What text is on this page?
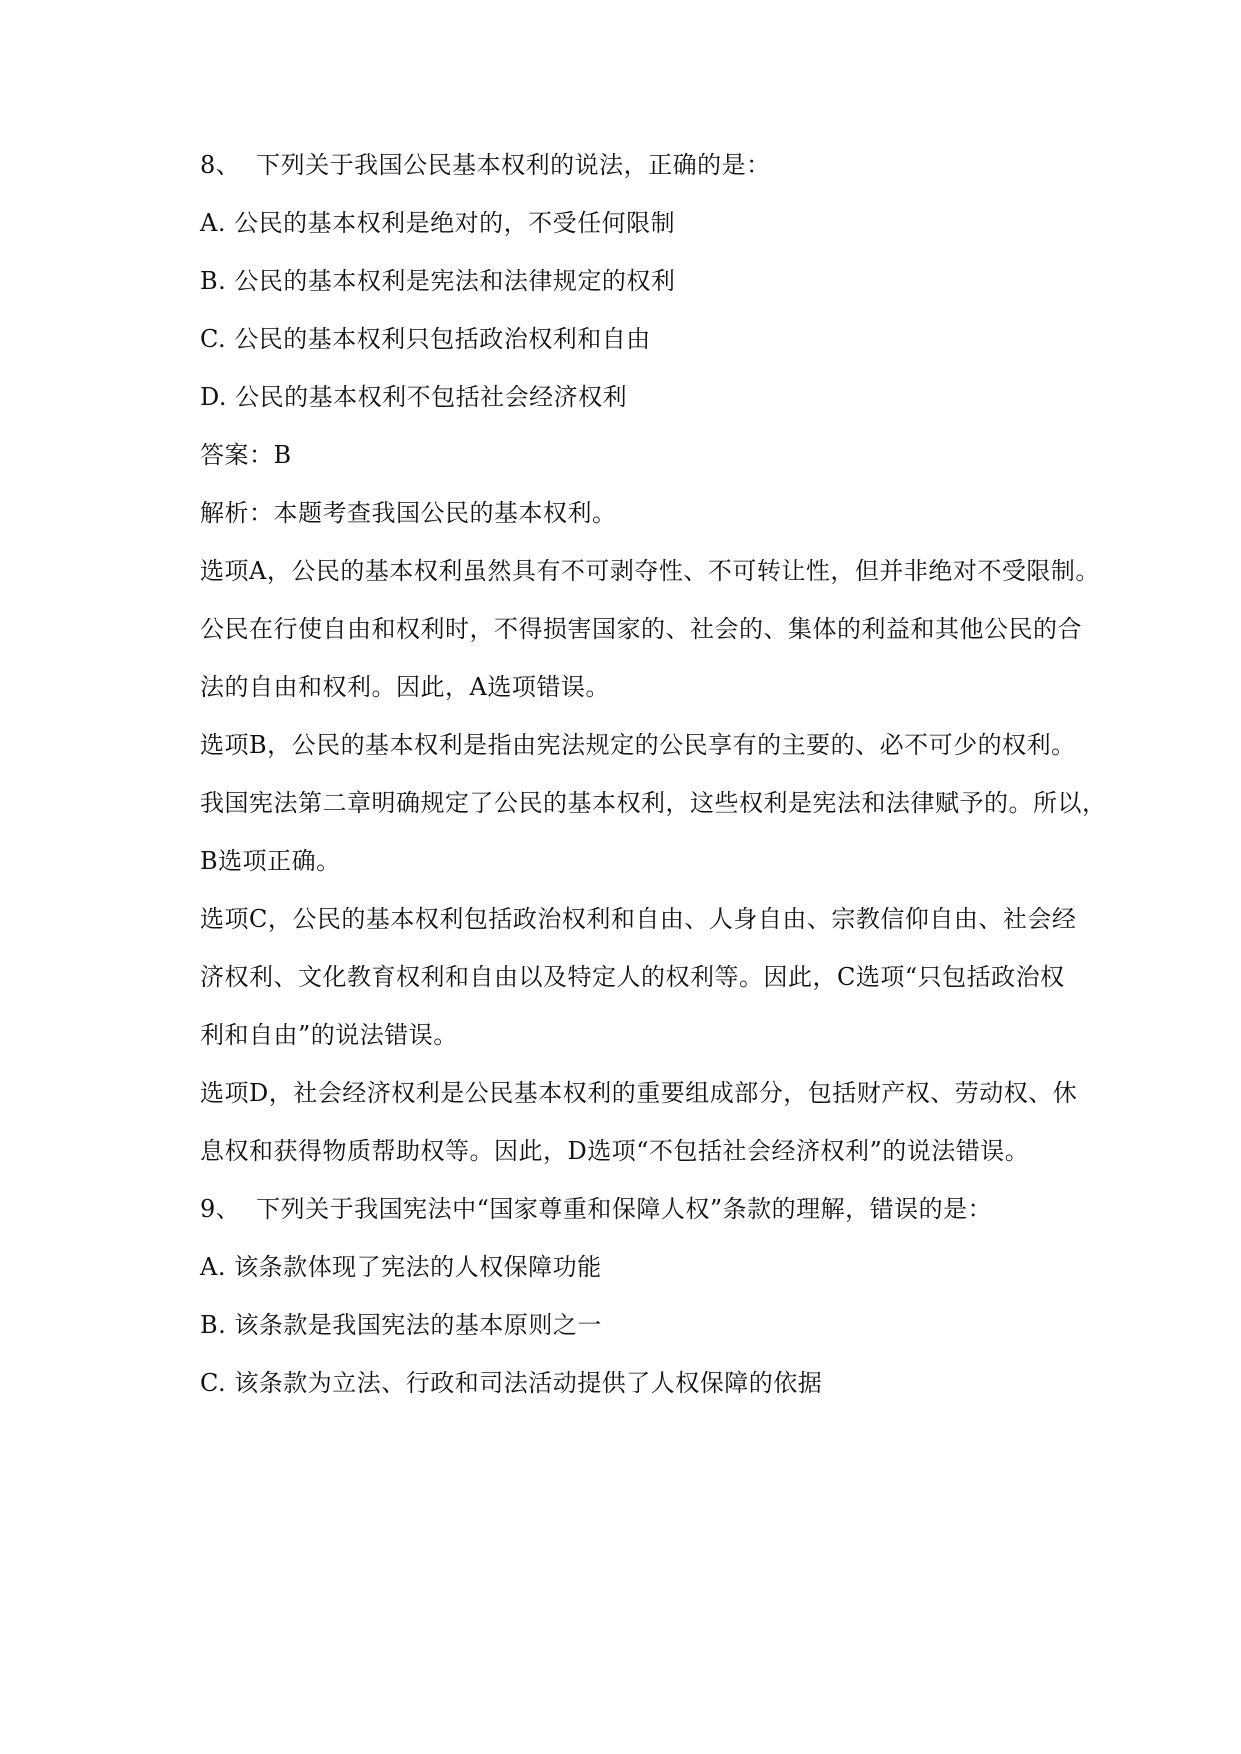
8、 下列关于我国公民基本权利的说法，正确的是：
A. 公民的基本权利是绝对的，不受任何限制
B. 公民的基本权利是宪法和法律规定的权利
C. 公民的基本权利只包括政治权利和自由
D. 公民的基本权利不包括社会经济权利
答案：B
解析：本题考查我国公民的基本权利。
选项A，公民的基本权利虽然具有不可剥夺性、不可转让性，但并非绝对不受限制。
公民在行使自由和权利时，不得损害国家的、社会的、集体的利益和其他公民的合
法的自由和权利。因此，A选项错误。
选项B，公民的基本权利是指由宪法规定的公民享有的主要的、必不可少的权利。
我国宪法第二章明确规定了公民的基本权利，这些权利是宪法和法律赋予的。所以，
B选项正确。
选项C，公民的基本权利包括政治权利和自由、人身自由、宗教信仰自由、社会经
济权利、文化教育权利和自由以及特定人的权利等。因此，C选项“只包括政治权
利和自由”的说法错误。
选项D，社会经济权利是公民基本权利的重要组成部分，包括财产权、劳动权、休
息权和获得物质帮助权等。因此，D选项“不包括社会经济权利”的说法错误。
9、 下列关于我国宪法中“国家尊重和保障人权”条款的理解，错误的是：
A. 该条款体现了宪法的人权保障功能
B. 该条款是我国宪法的基本原则之一
C. 该条款为立法、行政和司法活动提供了人权保障的依据
